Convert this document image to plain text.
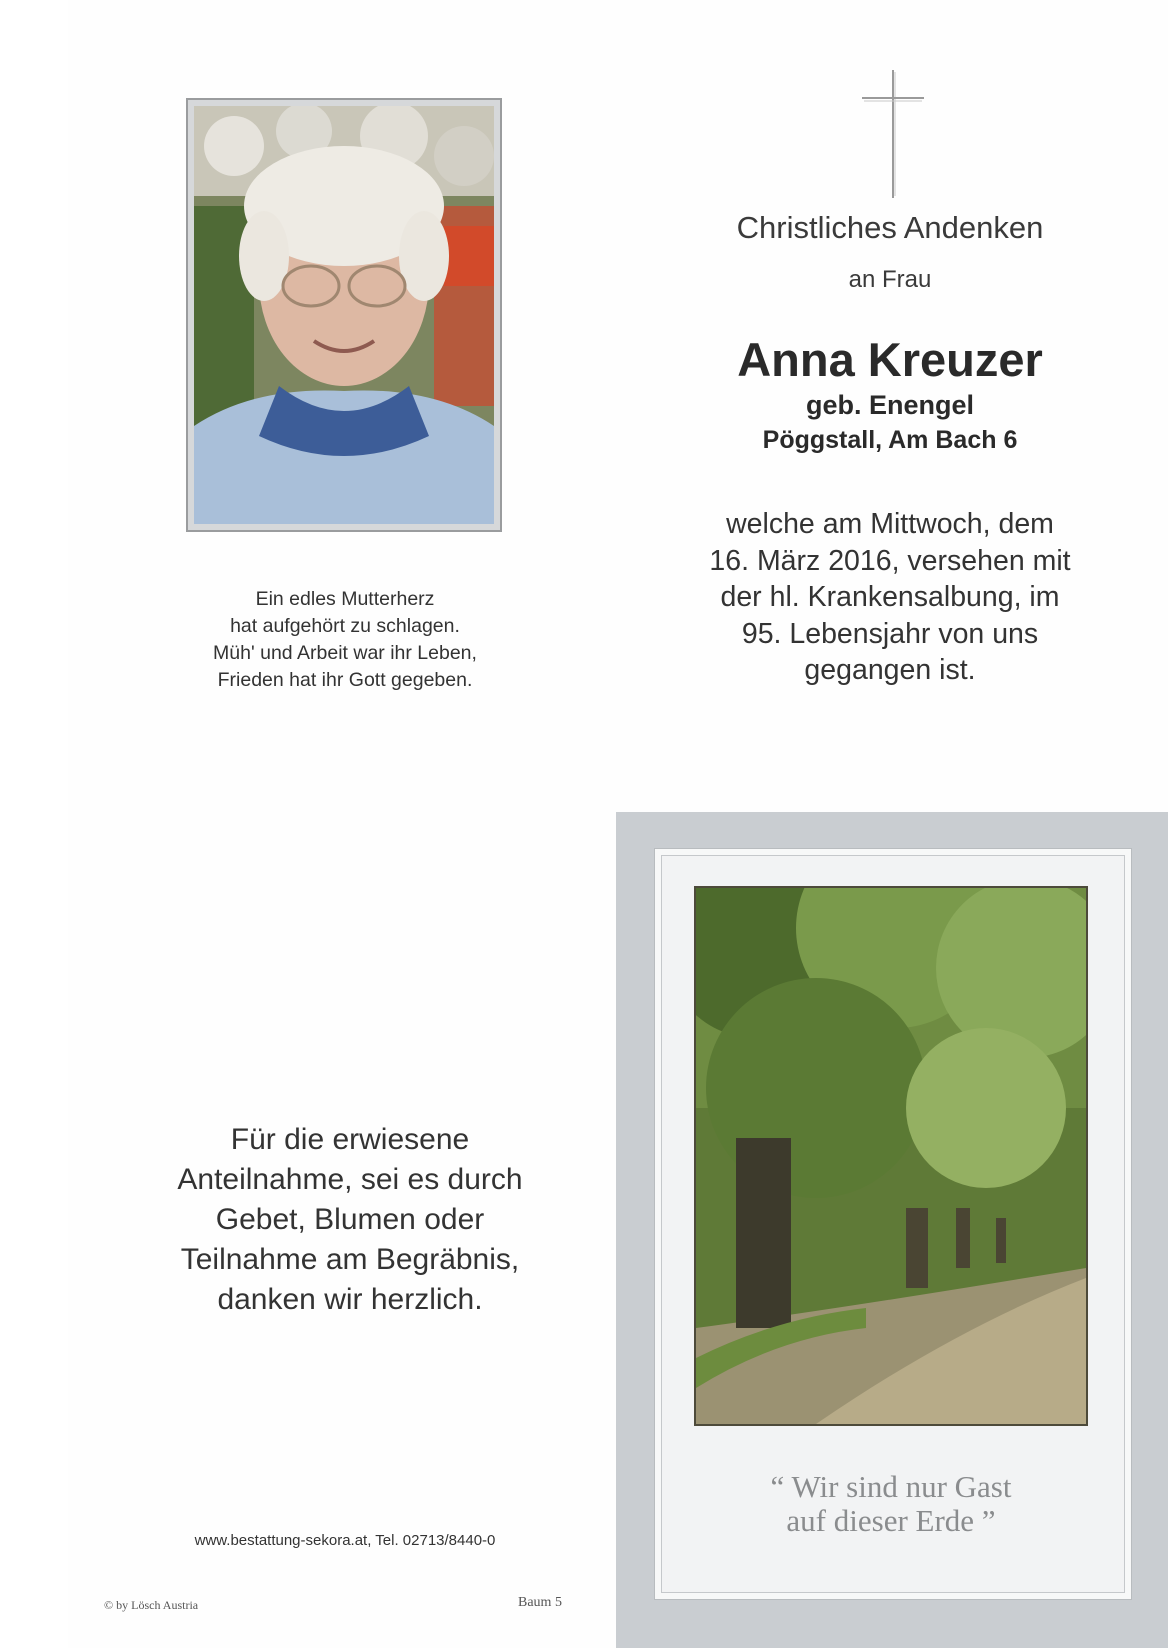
Ein edles Mutterherz
hat aufgehört zu schlagen.
Müh' und Arbeit war ihr Leben,
Frieden hat ihr Gott gegeben.
Christliches Andenken
an Frau
Anna Kreuzer
geb. Enengel
Pöggstall, Am Bach 6
welche am Mittwoch, dem
16. März 2016, versehen mit
der hl. Krankensalbung, im
95. Lebensjahr von uns
gegangen ist.
Für die erwiesene
Anteilnahme, sei es durch
Gebet, Blumen oder
Teilnahme am Begräbnis,
danken wir herzlich.
www.bestattung-sekora.at, Tel. 02713/8440-0
© by Lösch Austria	Baum 5
“ Wir sind nur Gast
auf dieser Erde ”
